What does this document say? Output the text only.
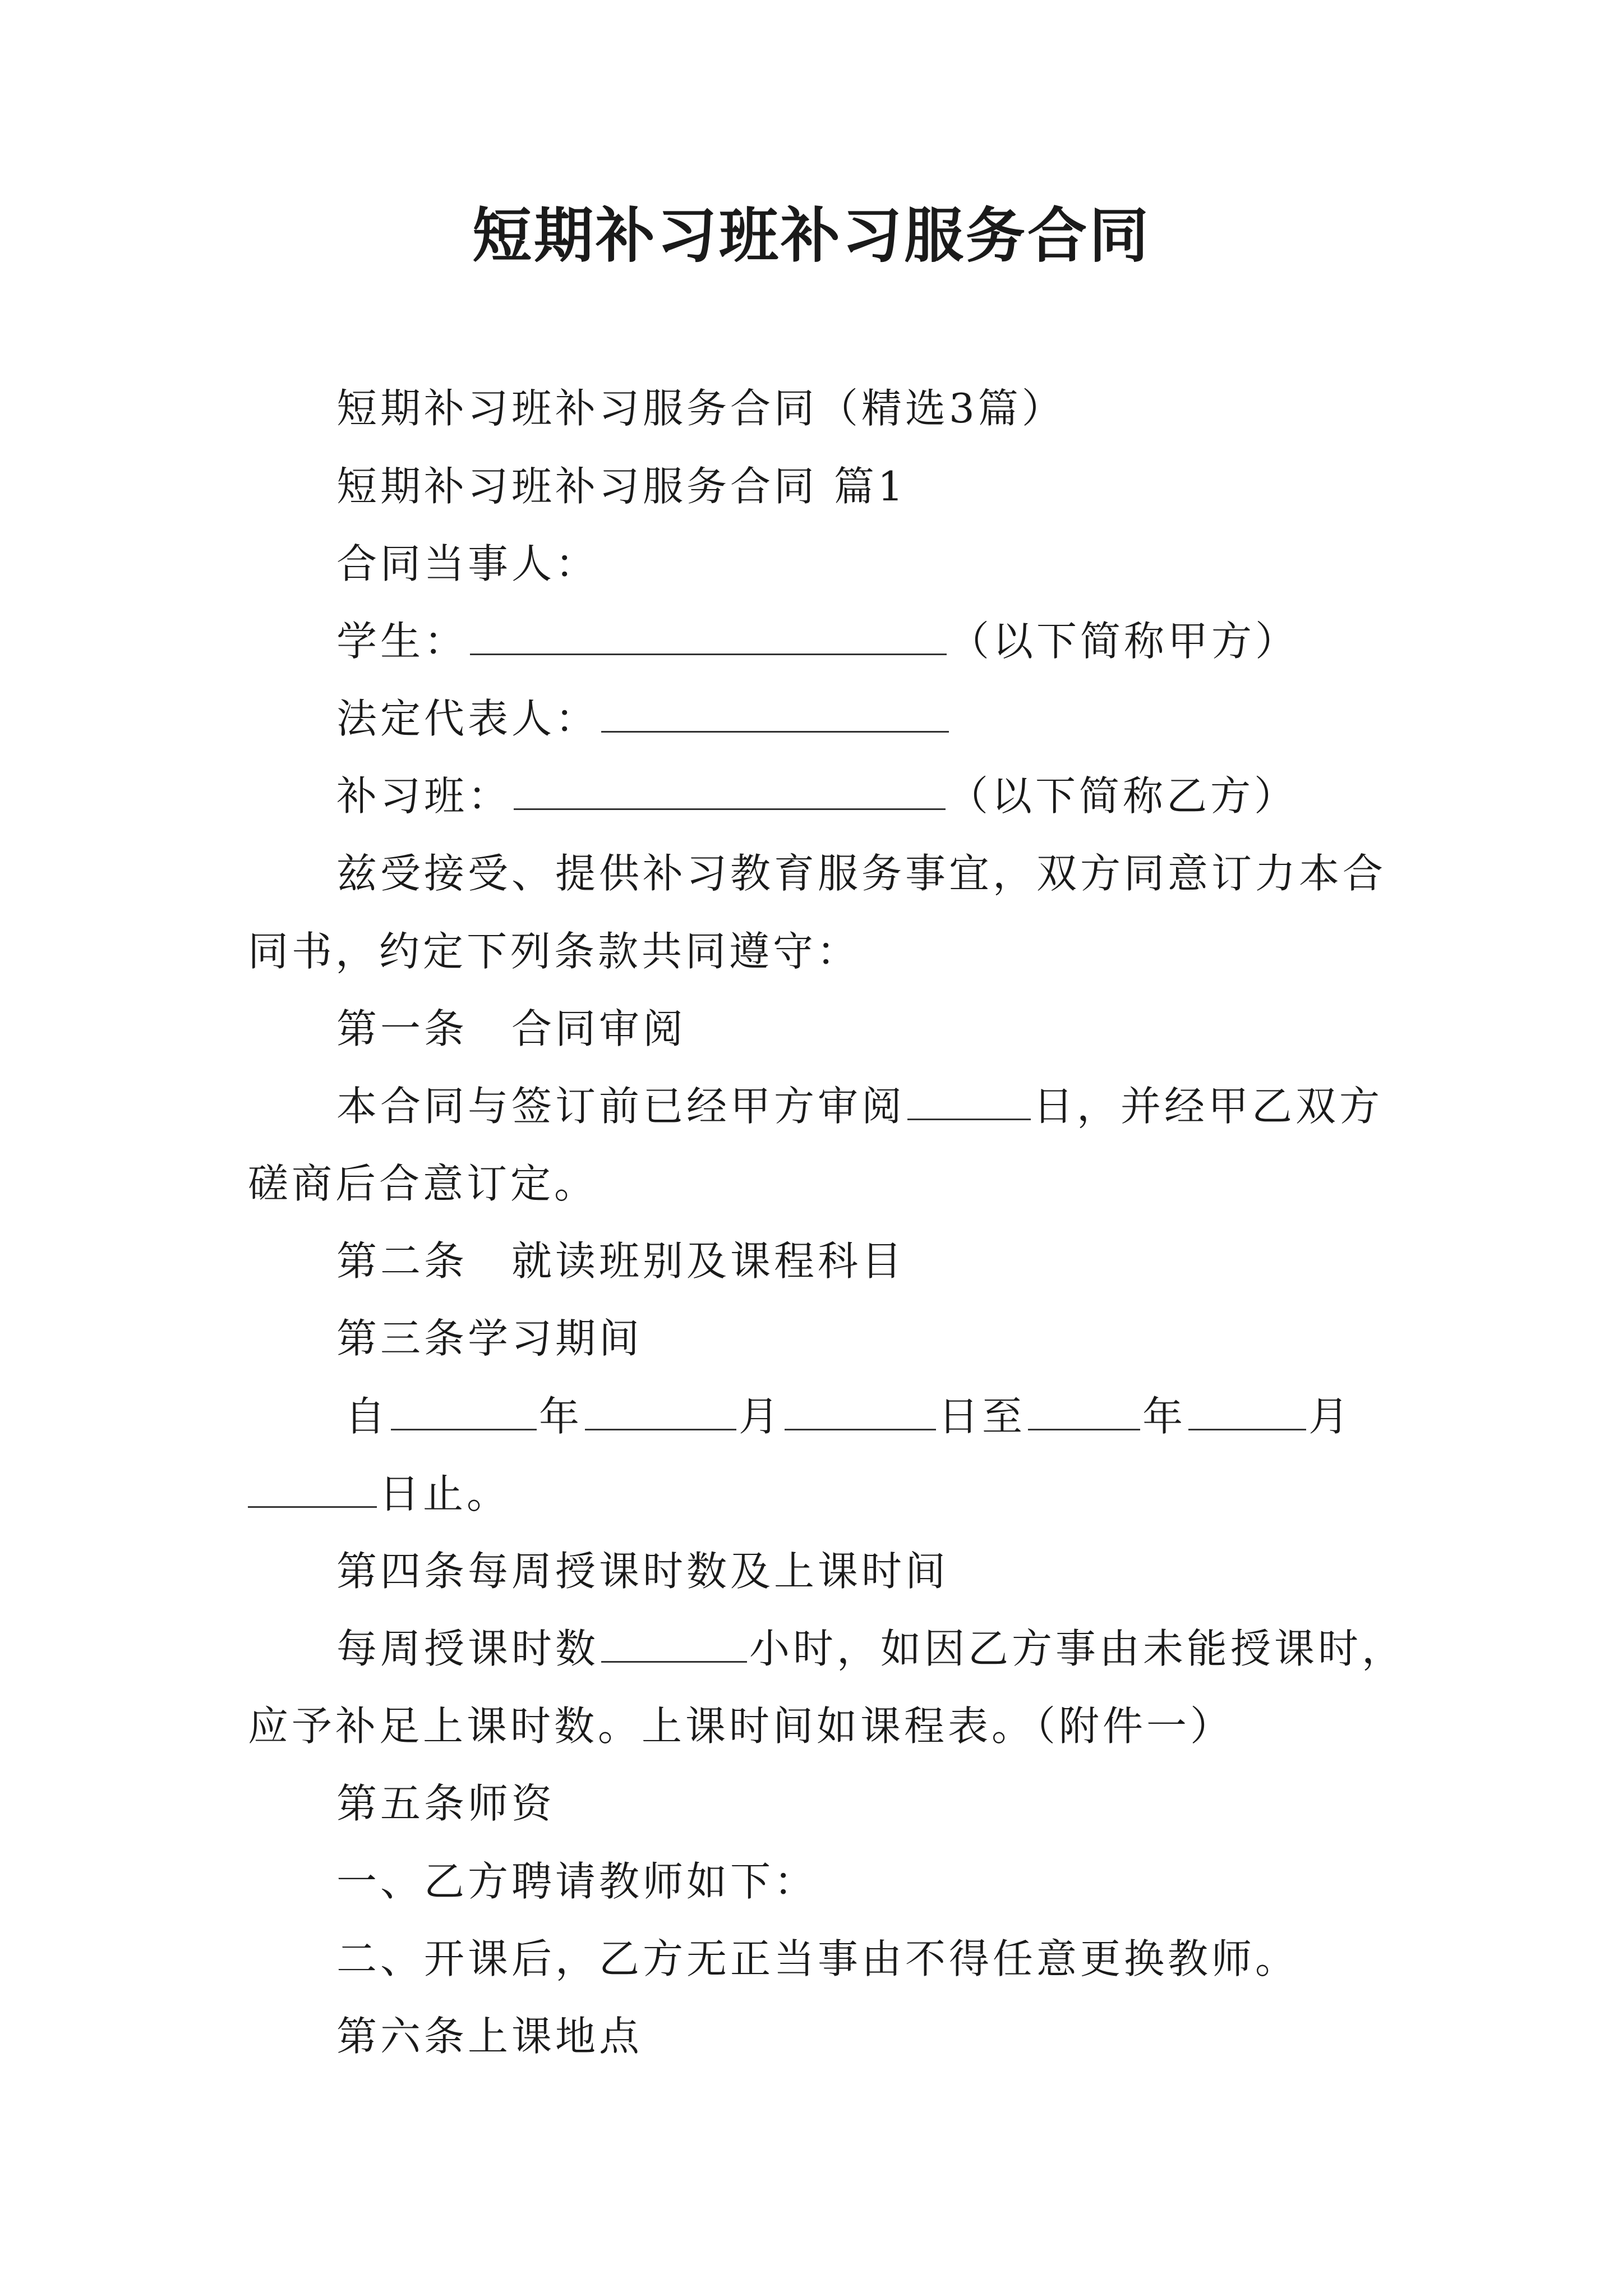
短期补习班补习服务合同
短期补习班补习服务合同（精选3篇）
短期补习班补习服务合同 篇1
合同当事人：
学生：	（以下简称甲方）
法定代表人：
补习班：	（以下简称乙方）
兹受接受、提供补习教育服务事宜，双方同意订力本合
同书，约定下列条款共同遵守：
第一条　合同审阅
本合同与签订前已经甲方审阅	日，并经甲乙双方
磋商后合意订定。
第二条　就读班别及课程科目
第三条学习期间
自	年	月	日至	年	月
日止。
第四条每周授课时数及上课时间
每周授课时数	小时，如因乙方事由未能授课时，
应予补足上课时数。上课时间如课程表。（附件一）
第五条师资
一、乙方聘请教师如下：
二、开课后，乙方无正当事由不得任意更换教师。
第六条上课地点
